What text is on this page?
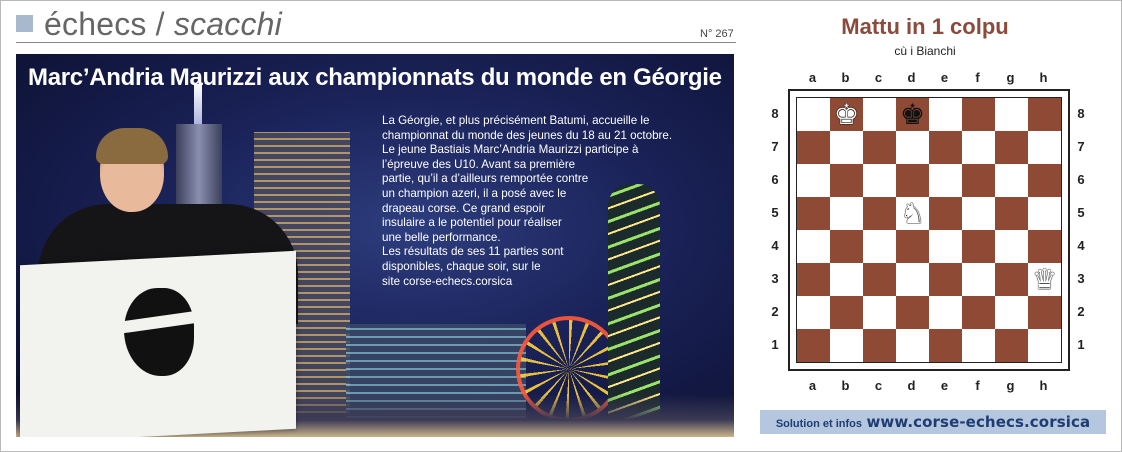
échecs / scacchi	N° 267
Marc’Andria Maurizzi aux championnats du monde en Géorgie

La Géorgie, et plus précisément Batumi, accueille le
championnat du monde des jeunes du 18 au 21 octobre.
Le jeune Bastiais Marc’Andria Maurizzi participe à
l’épreuve des U10. Avant sa première
partie, qu’il a d’ailleurs remportée contre
un champion azeri, il a posé avec le
drapeau corse. Ce grand espoir
insulaire a le potentiel pour réaliser
une belle performance.
Les résultats de ses 11 parties sont
disponibles, chaque soir, sur le
site corse-echecs.corsica

Mattu in 1 colpu
cù i Bianchi
a
a
b
b
c
c
d
d
e
e
f
f
g
g
h
h
8	8
7	7
6	6
5	5
4	4
3	3
2	2
1	1
♚ ♚
♞
♛
Solution et infos www.corse-echecs.corsica
